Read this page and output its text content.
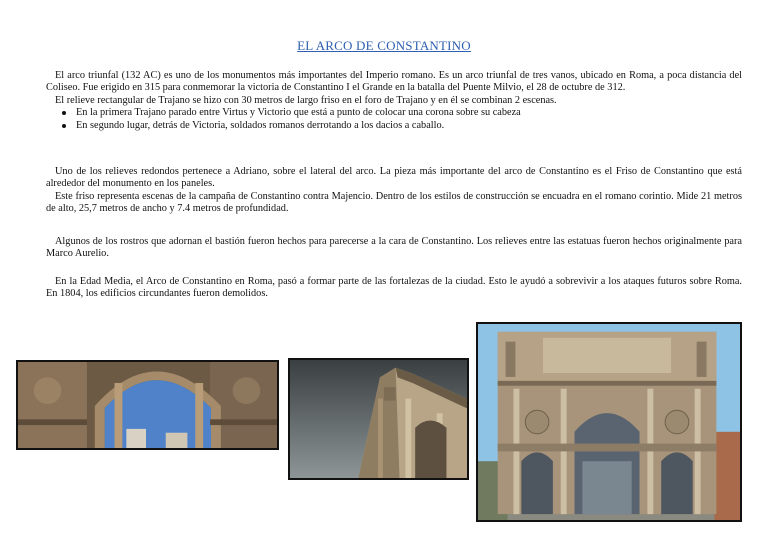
EL ARCO DE CONSTANTINO

El arco triunfal (132 AC) es uno de los monumentos más importantes del Imperio romano. Es un arco triunfal de tres vanos, ubicado en Roma, a poca distancia del Coliseo. Fue erigido en 315 para conmemorar la victoria de Constantino I el Grande en la batalla del Puente Milvio, el 28 de octubre de 312.

El relieve rectangular de Trajano se hizo con 30 metros de largo friso en el foro de Trajano y en él se combinan 2 escenas.

En la primera Trajano parado entre Virtus y Victorio que está a punto de colocar una corona sobre su cabeza
En segundo lugar, detrás de Victoria, soldados romanos derrotando a los dacios a caballo.

Uno de los relieves redondos pertenece a Adriano, sobre el lateral del arco. La pieza más importante del arco de Constantino es el Friso de Constantino que está alrededor del monumento en los paneles.

Este friso representa escenas de la campaña de Constantino contra Majencio. Dentro de los estilos de construcción se encuadra en el romano corintio. Mide 21 metros de alto, 25,7 metros de ancho y 7.4 metros de profundidad.

Algunos de los rostros que adornan el bastión fueron hechos para parecerse a la cara de Constantino. Los relieves entre las estatuas fueron hechos originalmente para Marco Aurelio.

En la Edad Media, el Arco de Constantino en Roma, pasó a formar parte de las fortalezas de la ciudad. Esto le ayudó a sobrevivir a los ataques futuros sobre Roma. En 1804, los edificios circundantes fueron demolidos.
